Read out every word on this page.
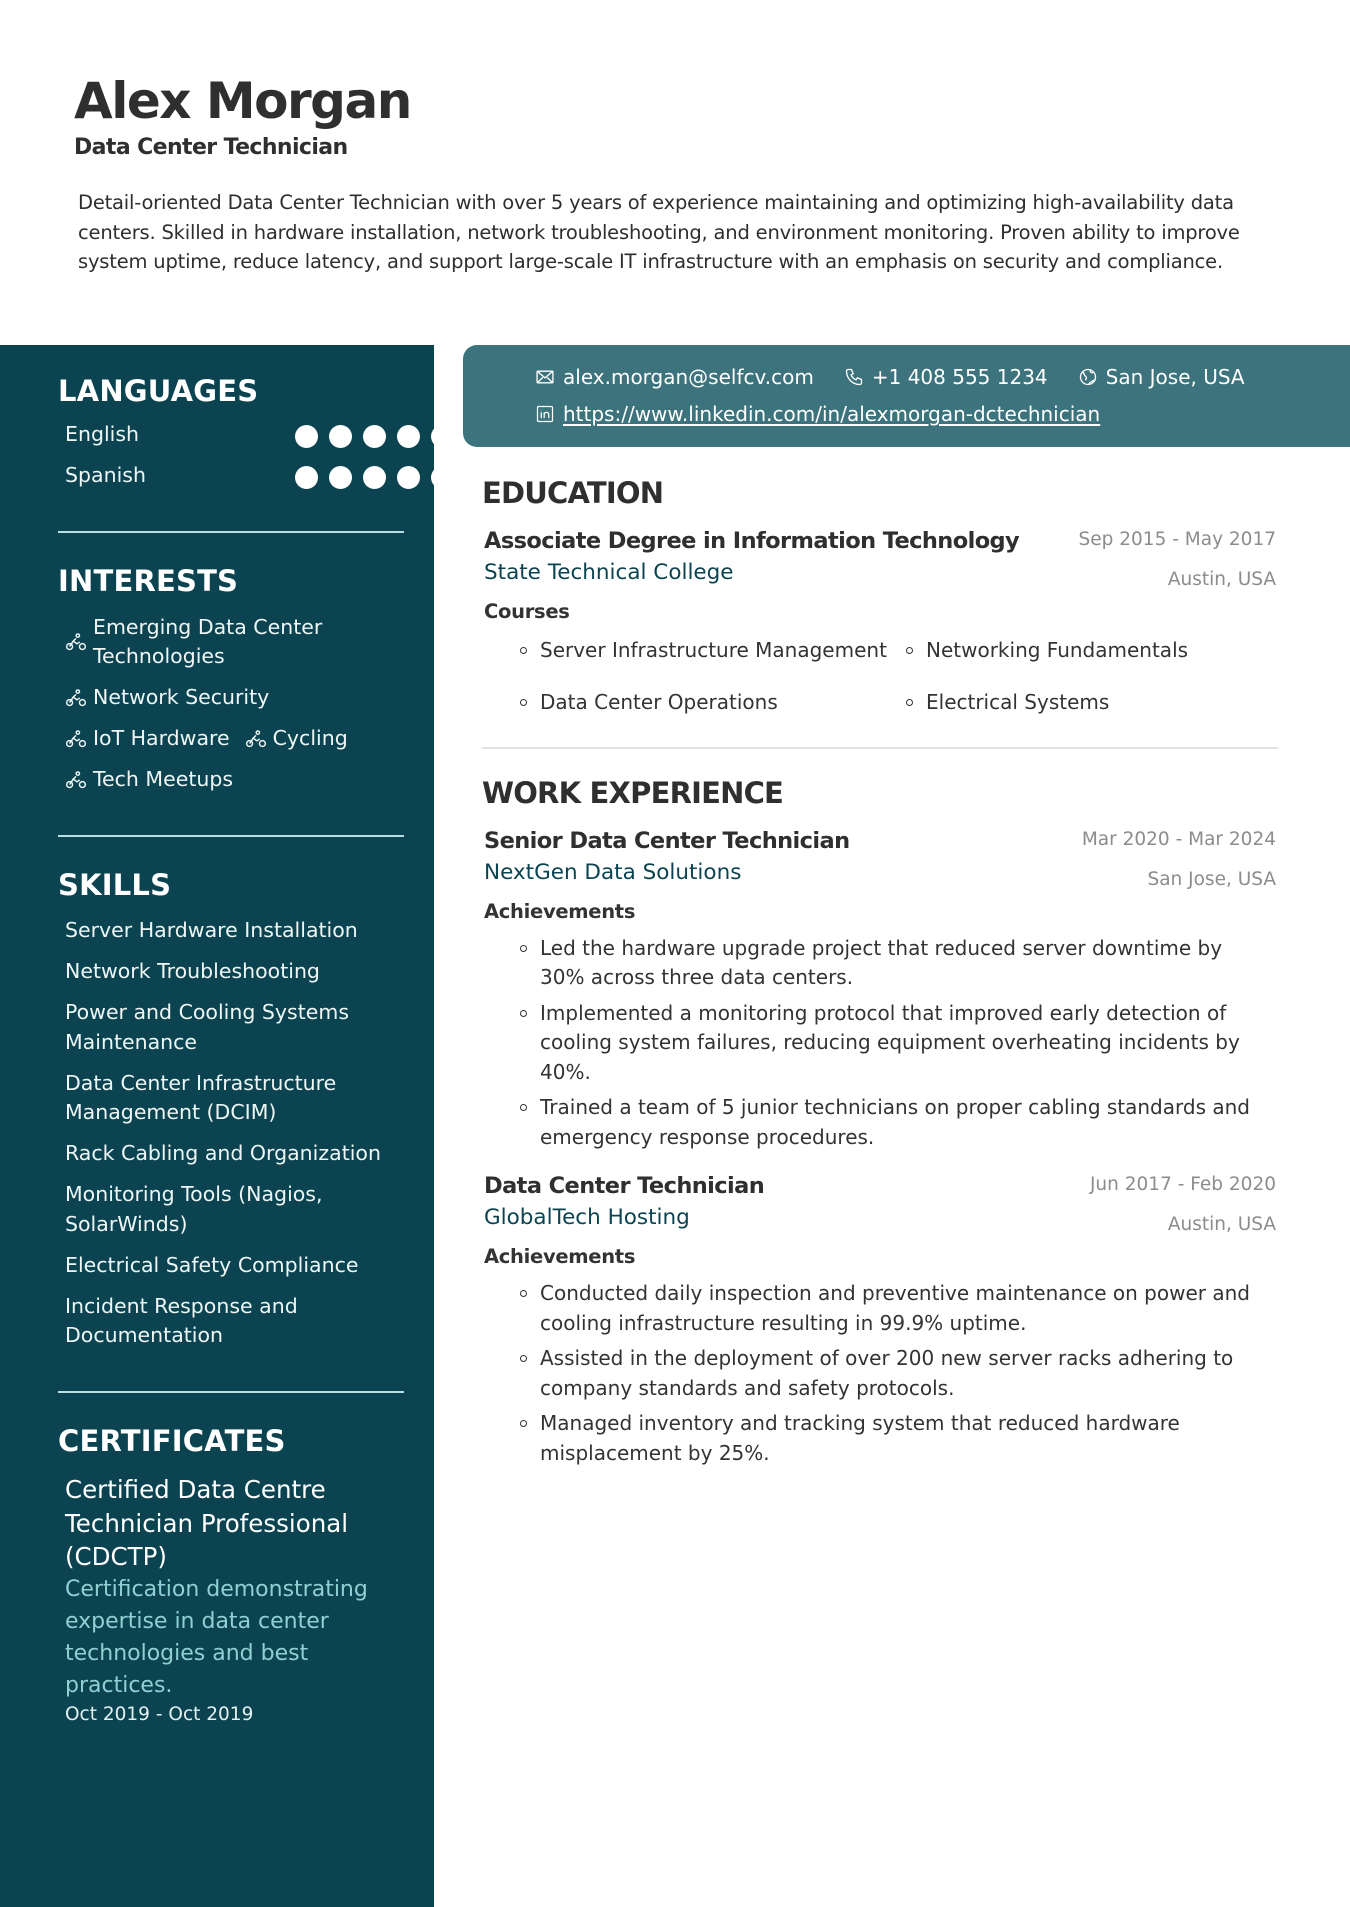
Alex Morgan
Data Center Technician

Detail-oriented Data Center Technician with over 5 years of experience maintaining and optimizing high-availability data centers. Skilled in hardware installation, network troubleshooting, and environment monitoring. Proven ability to improve system uptime, reduce latency, and support large-scale IT infrastructure with an emphasis on security and compliance.

LANGUAGES
English
Spanish
INTERESTS
Emerging Data Center Technologies

Network Security

IoT Hardware Cycling

Tech Meetups
SKILLS
Server Hardware Installation
Network Troubleshooting
Power and Cooling Systems Maintenance
Data Center Infrastructure Management (DCIM)
Rack Cabling and Organization
Monitoring Tools (Nagios, SolarWinds)
Electrical Safety Compliance
Incident Response and Documentation
CERTIFICATES
Certified Data Centre Technician Professional (CDCTP)
Certification demonstrating expertise in data center technologies and best practices.
Oct 2019 - Oct 2019
alex.morgan@selfcv.com	+1 408 555 1234	San Jose, USA
https://www.linkedin.com/in/alexmorgan-dctechnician
EDUCATION
Associate Degree in Information Technology
State Technical College
Sep 2015 - May 2017
Austin, USA
Courses
Server Infrastructure Management	Networking Fundamentals
Data Center Operations	Electrical Systems
WORK EXPERIENCE
Senior Data Center Technician
NextGen Data Solutions
Mar 2020 - Mar 2024
San Jose, USA
Achievements
Led the hardware upgrade project that reduced server downtime by 30% across three data centers.
Implemented a monitoring protocol that improved early detection of cooling system failures, reducing equipment overheating incidents by 40%.
Trained a team of 5 junior technicians on proper cabling standards and emergency response procedures.
Data Center Technician
GlobalTech Hosting
Jun 2017 - Feb 2020
Austin, USA
Achievements
Conducted daily inspection and preventive maintenance on power and cooling infrastructure resulting in 99.9% uptime.
Assisted in the deployment of over 200 new server racks adhering to company standards and safety protocols.
Managed inventory and tracking system that reduced hardware misplacement by 25%.
